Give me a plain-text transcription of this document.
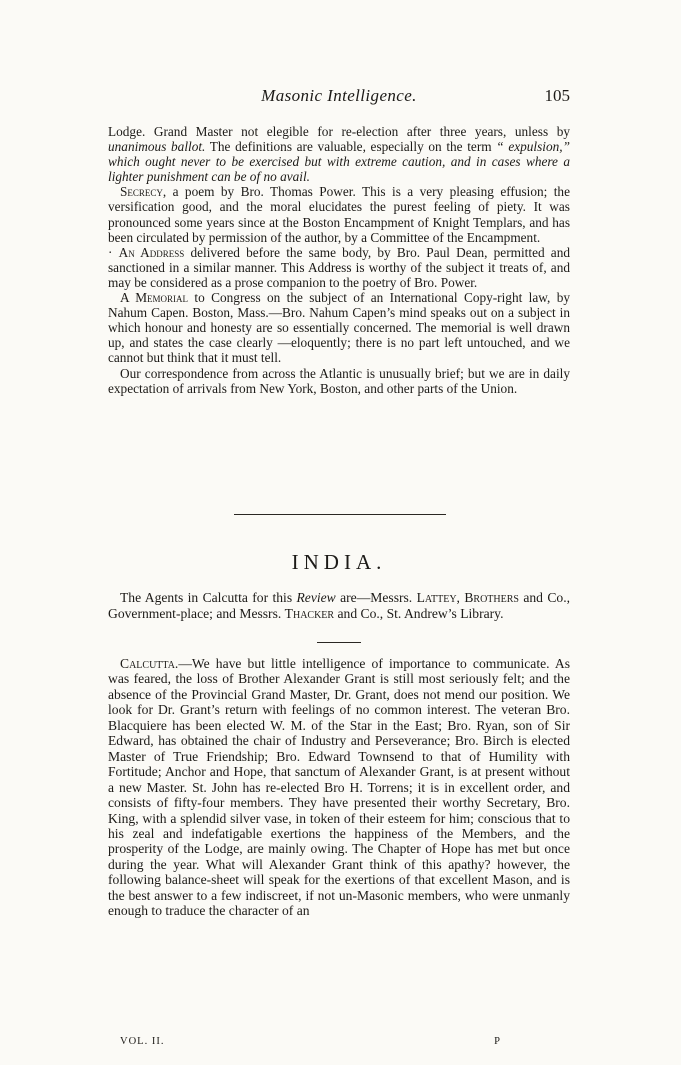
Masonic Intelligence.	105

Lodge. Grand Master not elegible for re-election after three years, unless by unanimous ballot. The definitions are valuable, especially on the term “ expulsion,” which ought never to be exercised but with extreme caution, and in cases where a lighter punishment can be of no avail.

Secrecy, a poem by Bro. Thomas Power. This is a very pleasing effusion; the versification good, and the moral elucidates the purest feeling of piety. It was pronounced some years since at the Boston Encampment of Knight Templars, and has been circulated by permission of the author, by a Committee of the Encampment.

· An Address delivered before the same body, by Bro. Paul Dean, permitted and sanctioned in a similar manner. This Address is worthy of the subject it treats of, and may be considered as a prose companion to the poetry of Bro. Power.

A Memorial to Congress on the subject of an International Copy-right law, by Nahum Capen. Boston, Mass.—Bro. Nahum Capen’s mind speaks out on a subject in which honour and honesty are so essentially concerned. The memorial is well drawn up, and states the case clearly —eloquently; there is no part left untouched, and we cannot but think that it must tell.

Our correspondence from across the Atlantic is unusually brief; but we are in daily expectation of arrivals from New York, Boston, and other parts of the Union.

INDIA.

The Agents in Calcutta for this Review are—Messrs. Lattey, Brothers and Co., Government-place; and Messrs. Thacker and Co., St. Andrew’s Library.

Calcutta.—We have but little intelligence of importance to communicate. As was feared, the loss of Brother Alexander Grant is still most seriously felt; and the absence of the Provincial Grand Master, Dr. Grant, does not mend our position. We look for Dr. Grant’s return with feelings of no common interest. The veteran Bro. Blacquiere has been elected W. M. of the Star in the East; Bro. Ryan, son of Sir Edward, has obtained the chair of Industry and Perseverance; Bro. Birch is elected Master of True Friendship; Bro. Edward Townsend to that of Humility with Fortitude; Anchor and Hope, that sanctum of Alexander Grant, is at present without a new Master. St. John has re-elected Bro H. Torrens; it is in excellent order, and consists of fifty-four members. They have presented their worthy Secretary, Bro. King, with a splendid silver vase, in token of their esteem for him; conscious that to his zeal and indefatigable exertions the happiness of the Members, and the prosperity of the Lodge, are mainly owing. The Chapter of Hope has met but once during the year. What will Alexander Grant think of this apathy? however, the following balance-sheet will speak for the exertions of that excellent Mason, and is the best answer to a few indiscreet, if not un-Masonic members, who were unmanly enough to traduce the character of an

VOL. II.	P
